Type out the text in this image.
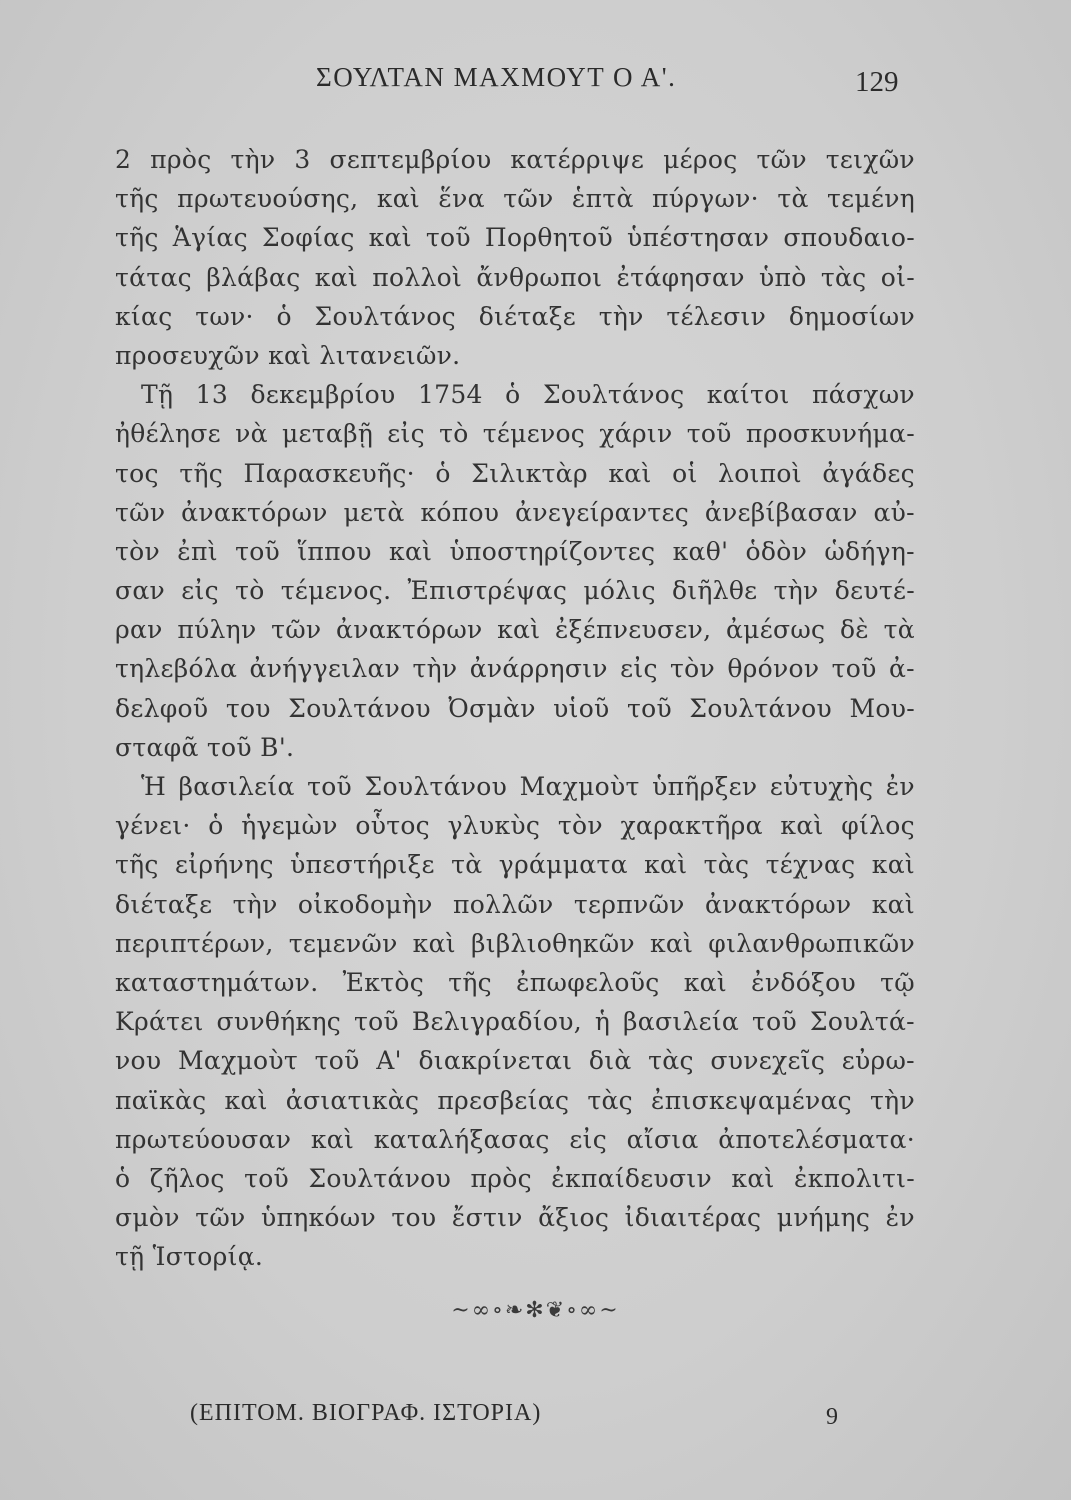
ΣΟΥΛΤΑΝ ΜΑΧΜΟΥΤ Ο Α'.	129
2 πρὸς τὴν 3 σεπτεμβρίου κατέρριψε μέρος τῶν τειχῶν
τῆς πρωτευούσης, καὶ ἕνα τῶν ἑπτὰ πύργων· τὰ τεμένη
τῆς Ἁγίας Σοφίας καὶ τοῦ Πορθητοῦ ὑπέστησαν σπουδαιο-
τάτας βλάβας καὶ πολλοὶ ἄνθρωποι ἐτάφησαν ὑπὸ τὰς οἰ-
κίας των· ὁ Σουλτάνος διέταξε τὴν τέλεσιν δημοσίων
προσευχῶν καὶ λιτανειῶν.
Τῇ 13 δεκεμβρίου 1754 ὁ Σουλτάνος καίτοι πάσχων
ἠθέλησε νὰ μεταβῇ εἰς τὸ τέμενος χάριν τοῦ προσκυνήμα-
τος τῆς Παρασκευῆς· ὁ Σιλικτὰρ καὶ οἱ λοιποὶ ἀγάδες
τῶν ἀνακτόρων μετὰ κόπου ἀνεγείραντες ἀνεβίβασαν αὐ-
τὸν ἐπὶ τοῦ ἵππου καὶ ὑποστηρίζοντες καθ' ὁδὸν ὡδήγη-
σαν εἰς τὸ τέμενος. Ἐπιστρέψας μόλις διῆλθε τὴν δευτέ-
ραν πύλην τῶν ἀνακτόρων καὶ ἐξέπνευσεν, ἀμέσως δὲ τὰ
τηλεβόλα ἀνήγγειλαν τὴν ἀνάρρησιν εἰς τὸν θρόνον τοῦ ἀ-
δελφοῦ του Σουλτάνου Ὀσμὰν υἱοῦ τοῦ Σουλτάνου Μου-
σταφᾶ τοῦ Β'.
Ἡ βασιλεία τοῦ Σουλτάνου Μαχμοὺτ ὑπῆρξεν εὐτυχὴς ἐν
γένει· ὁ ἡγεμὼν οὗτος γλυκὺς τὸν χαρακτῆρα καὶ φίλος
τῆς εἰρήνης ὑπεστήριξε τὰ γράμματα καὶ τὰς τέχνας καὶ
διέταξε τὴν οἰκοδομὴν πολλῶν τερπνῶν ἀνακτόρων καὶ
περιπτέρων, τεμενῶν καὶ βιβλιοθηκῶν καὶ φιλανθρωπικῶν
καταστημάτων. Ἐκτὸς τῆς ἐπωφελοῦς καὶ ἐνδόξου τῷ
Κράτει συνθήκης τοῦ Βελιγραδίου, ἡ βασιλεία τοῦ Σουλτά-
νου Μαχμοὺτ τοῦ Α' διακρίνεται διὰ τὰς συνεχεῖς εὐρω-
παϊκὰς καὶ ἀσιατικὰς πρεσβείας τὰς ἐπισκεψαμένας τὴν
πρωτεύουσαν καὶ καταλήξασας εἰς αἴσια ἀποτελέσματα·
ὁ ζῆλος τοῦ Σουλτάνου πρὸς ἐκπαίδευσιν καὶ ἐκπολιτι-
σμὸν τῶν ὑπηκόων του ἔστιν ἄξιος ἰδιαιτέρας μνήμης ἐν
τῇ Ἱστορίᾳ.
~∞∘❧✻❦∘∞~
(ΕΠΙΤΟΜ. ΒΙΟΓΡΑΦ. ΙΣΤΟΡΙΑ)	9
